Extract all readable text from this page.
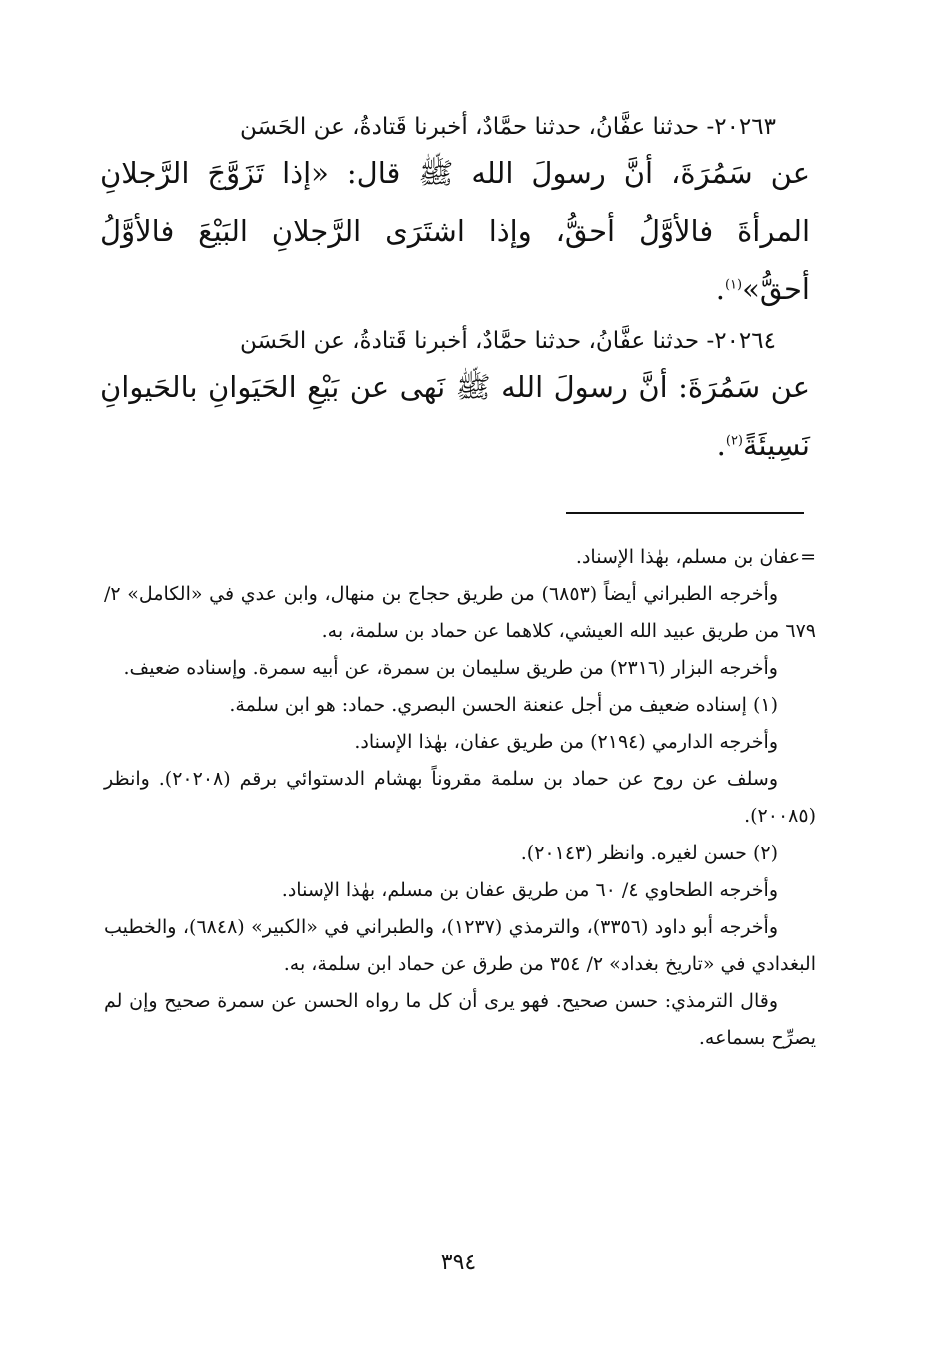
٢٠٢٦٣- حدثنا عفَّانُ، حدثنا حمَّادٌ، أخبرنا قَتادةُ، عن الحَسَن

عن سَمُرَةَ، أنَّ رسولَ الله ﷺ قال: «إذا تَزَوَّجَ الرَّجلانِ المرأةَ فالأوَّلُ أحقُّ، وإذا اشتَرَى الرَّجلانِ البَيْعَ فالأوَّلُ أحقُّ»$^{(١)}$.

٢٠٢٦٤- حدثنا عفَّانُ، حدثنا حمَّادٌ، أخبرنا قَتادةُ، عن الحَسَن

عن سَمُرَةَ: أنَّ رسولَ الله ﷺ نَهى عن بَيْعِ الحَيَوانِ بالحَيوانِ نَسِيئَةً$^{(٢)}$.

=عفان بن مسلم، بهٰذا الإسناد.

وأخرجه الطبراني أيضاً (٦٨٥٣) من طريق حجاج بن منهال، وابن عدي في «الكامل» ٢/ ٦٧٩ من طريق عبيد الله العيشي، كلاهما عن حماد بن سلمة، به.

وأخرجه البزار (٢٣١٦) من طريق سليمان بن سمرة، عن أبيه سمرة. وإسناده ضعيف.

(١) إسناده ضعيف من أجل عنعنة الحسن البصري. حماد: هو ابن سلمة.

وأخرجه الدارمي (٢١٩٤) من طريق عفان، بهٰذا الإسناد.

وسلف عن روح عن حماد بن سلمة مقروناً بهشام الدستوائي برقم (٢٠٢٠٨). وانظر (٢٠٠٨٥).

(٢) حسن لغيره. وانظر (٢٠١٤٣).

وأخرجه الطحاوي ٤/ ٦٠ من طريق عفان بن مسلم، بهٰذا الإسناد.

وأخرجه أبو داود (٣٣٥٦)، والترمذي (١٢٣٧)، والطبراني في «الكبير» (٦٨٤٨)، والخطيب البغدادي في «تاريخ بغداد» ٢/ ٣٥٤ من طرق عن حماد ابن سلمة، به.

وقال الترمذي: حسن صحيح. فهو يرى أن كل ما رواه الحسن عن سمرة صحيح وإن لم يصرِّح بسماعه.

٣٩٤
